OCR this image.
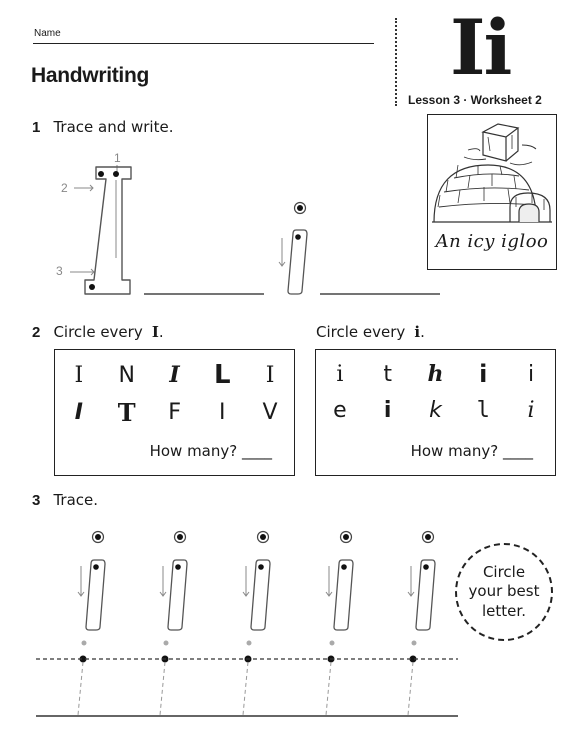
Name
Handwriting	Ii
Lesson 3 · Worksheet 2
1 Trace and write.
1
2
3
An icy igloo
2 Circle every I.	Circle every i.
I	N	I	L	I
I	T	F	I	V
How many? ____
i	t	h	i	i
e	i	k	l	i
How many? ____
3 Trace.
Circle
your best
letter.
